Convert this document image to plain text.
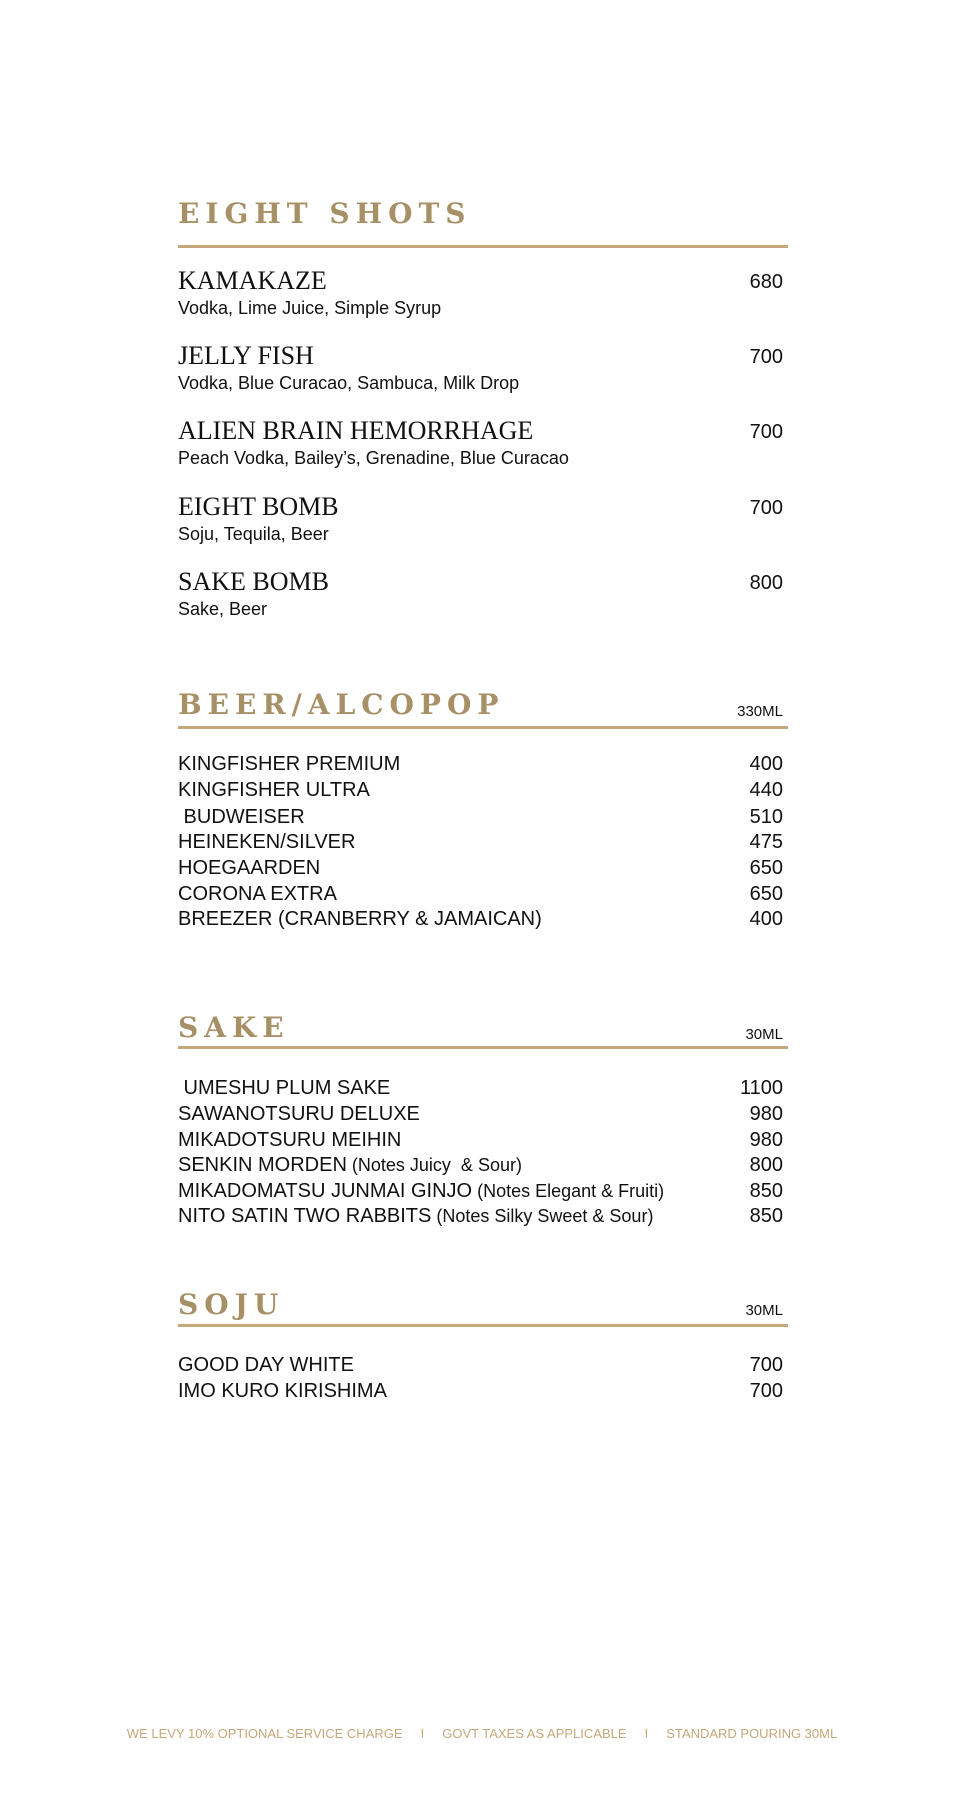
EIGHT SHOTS
KAMAKAZE	680
Vodka, Lime Juice, Simple Syrup
JELLY FISH	700
Vodka, Blue Curacao, Sambuca, Milk Drop
ALIEN BRAIN HEMORRHAGE	700
Peach Vodka, Bailey’s, Grenadine, Blue Curacao
EIGHT BOMB	700
Soju, Tequila, Beer
SAKE BOMB	800
Sake, Beer
BEER/ALCOPOP	330ML
KINGFISHER PREMIUM	400
KINGFISHER ULTRA	440
BUDWEISER	510
HEINEKEN/SILVER	475
HOEGAARDEN	650
CORONA EXTRA	650
BREEZER (CRANBERRY & JAMAICAN)	400
SAKE	30ML
UMESHU PLUM SAKE	1100
SAWANOTSURU DELUXE	980
MIKADOTSURU MEIHIN	980
SENKIN MORDEN (Notes Juicy  & Sour)	800
MIKADOMATSU JUNMAI GINJO (Notes Elegant & Fruiti)	850
NITO SATIN TWO RABBITS (Notes Silky Sweet & Sour)	850
SOJU	30ML
GOOD DAY WHITE	700
IMO KURO KIRISHIMA	700
WE LEVY 10% OPTIONAL SERVICE CHARGE     I     GOVT TAXES AS APPLICABLE     I     STANDARD POURING 30ML
